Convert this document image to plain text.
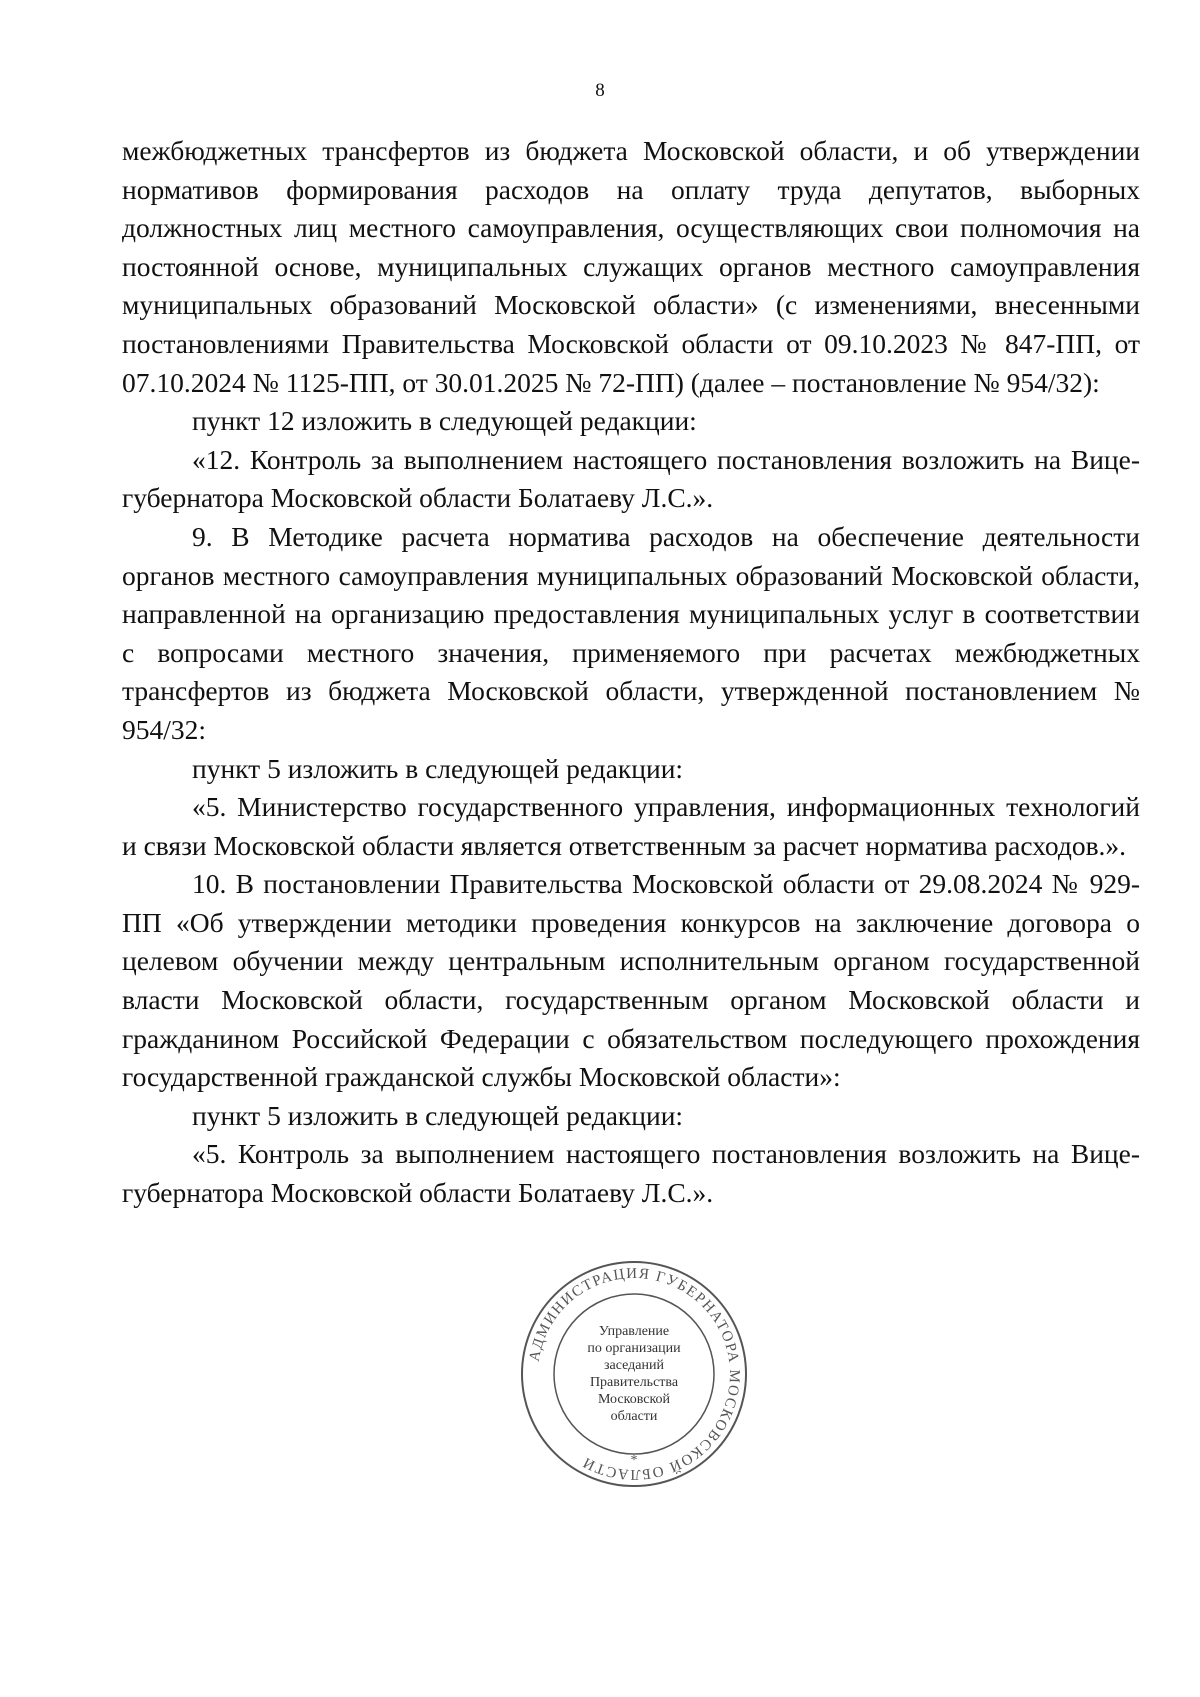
8

межбюджетных трансфертов из бюджета Московской области, и об утверждении нормативов формирования расходов на оплату труда депутатов, выборных должностных лиц местного самоуправления, осуществляющих свои полномочия на постоянной основе, муниципальных служащих органов местного самоуправления муниципальных образований Московской области» (с изменениями, внесенными постановлениями Правительства Московской области от 09.10.2023 № 847-ПП, от 07.10.2024 № 1125-ПП, от 30.01.2025 № 72-ПП) (далее – постановление № 954/32):

пункт 12 изложить в следующей редакции:

«12. Контроль за выполнением настоящего постановления возложить на Вице-губернатора Московской области Болатаеву Л.С.».

9. В Методике расчета норматива расходов на обеспечение деятельности органов местного самоуправления муниципальных образований Московской области, направленной на организацию предоставления муниципальных услуг в соответствии с вопросами местного значения, применяемого при расчетах межбюджетных трансфертов из бюджета Московской области, утвержденной постановлением № 954/32:

пункт 5 изложить в следующей редакции:

«5. Министерство государственного управления, информационных технологий и связи Московской области является ответственным за расчет норматива расходов.».

10. В постановлении Правительства Московской области от 29.08.2024 № 929-ПП «Об утверждении методики проведения конкурсов на заключение договора о целевом обучении между центральным исполнительным органом государственной власти Московской области, государственным органом Московской области и гражданином Российской Федерации с обязательством последующего прохождения государственной гражданской службы Московской области»:

пункт 5 изложить в следующей редакции:

«5. Контроль за выполнением настоящего постановления возложить на Вице-губернатора Московской области Болатаеву Л.С.».

АДМИНИСТРАЦИЯ ГУБЕРНАТОРА МОСКОВСКОЙ ОБЛАСТИ	*
Управление
по организации
заседаний
Правительства
Московской
области
